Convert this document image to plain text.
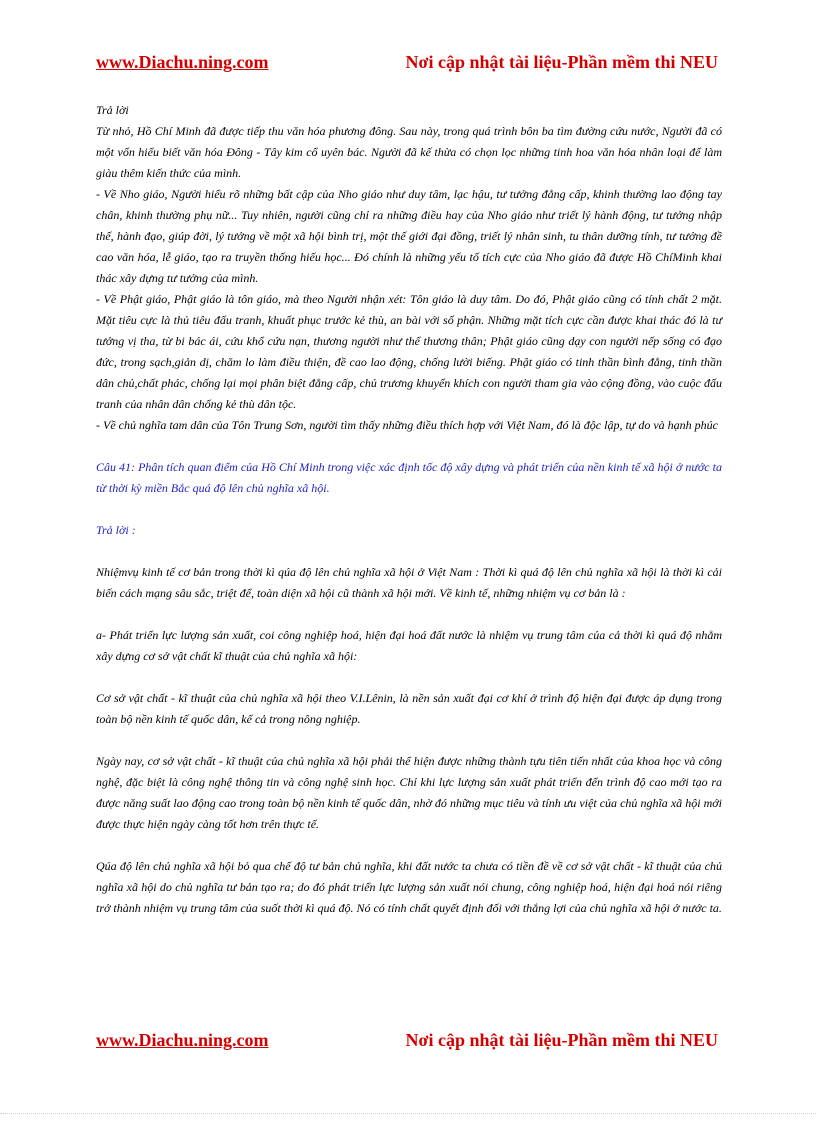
www.Diachu.ning.com	Nơi cập nhật tài liệu-Phần mềm thi NEU

Trả lời

Từ nhỏ, Hồ Chí Minh đã được tiếp thu văn hóa phương đông. Sau này, trong quá trình bôn ba tìm đường cứu nước, Người đã có một vốn hiểu biết văn hóa Đông - Tây kim cổ uyên bác. Người đã kế thừa có chọn lọc những tinh hoa văn hóa nhân loại để làm giàu thêm kiến thức của mình.

- Về Nho giáo, Người hiểu rõ những bất cập của Nho giáo như duy tâm, lạc hậu, tư tưởng đẳng cấp, khinh thường lao động tay chân, khinh thường phụ nữ... Tuy nhiên, người cũng chỉ ra những điều hay của Nho giáo như triết lý hành động, tư tưởng nhập thế, hành đạo, giúp đời, lý tưởng về một xã hội bình trị, một thế giới đại đồng, triết lý nhân sinh, tu thân dưỡng tính, tư tưởng đề cao văn hóa, lễ giáo, tạo ra truyền thống hiếu học... Đó chính là những yếu tố tích cực của Nho giáo đã được Hồ ChíMinh khai thác xây dựng tư tưởng của mình.

- Về Phật giáo, Phật giáo là tôn giáo, mà theo Người nhận xét: Tôn giáo là duy tâm. Do đó, Phật giáo cũng có tính chất 2 mặt. Mặt tiêu cực là thủ tiêu đấu tranh, khuất phục trước kẻ thù, an bài với số phận. Những mặt tích cực cần được khai thác đó là tư tưởng vị tha, từ bi bác ái, cứu khổ cứu nạn, thương người như thể thương thân; Phật giáo cũng dạy con người nếp sống có đạo đức, trong sạch,giản dị, chăm lo làm điều thiện, đề cao lao động, chống lười biếng. Phật giáo có tinh thần bình đẳng, tinh thần dân chủ,chất phác, chống lại mọi phân biệt đẳng cấp, chủ trương khuyến khích con người tham gia vào cộng đồng, vào cuộc đấu tranh của nhân dân chống kẻ thù dân tộc.

- Về chủ nghĩa tam dân của Tôn Trung Sơn, người tìm thấy những điều thích hợp với Việt Nam, đó là độc lập, tự do và hạnh phúc

Câu 41: Phân tích quan điểm của Hồ Chí Minh trong việc xác định tốc độ xây dựng và phát triển của nền kinh tế xã hội ở nước ta từ thời kỳ miền Bắc quá độ lên chủ nghĩa xã hội.

Trả lời :

Nhiệmvụ kinh tế cơ bản trong thời kì qúa độ lên chủ nghĩa xã hội ở Việt Nam : Thời kì quá độ lên chủ nghĩa xã hội là thời kì cải biến cách mạng sâu sắc, triệt để, toàn diện xã hội cũ thành xã hội mới. Về kinh tế, những nhiệm vụ cơ bản là :

a- Phát triển lực lượng sản xuất, coi công nghiệp hoá, hiện đại hoá đất nước là nhiệm vụ trung tâm của cả thời kì quá độ nhằm xây dựng cơ sở vật chất kĩ thuật của chủ nghĩa xã hội:

Cơ sở vật chất - kĩ thuật của chủ nghĩa xã hội theo V.I.Lênin, là nền sản xuất đại cơ khí ở trình độ hiện đại được áp dụng trong toàn bộ nền kinh tế quốc dân, kể cả trong nông nghiệp.

Ngày nay, cơ sở vật chất - kĩ thuật của chủ nghĩa xã hội phải thể hiện được những thành tựu tiên tiến nhất của khoa học và công nghệ, đặc biệt là công nghệ thông tin và công nghệ sinh học. Chỉ khi lực lượng sản xuất phát triển đến trình độ cao mới tạo ra được năng suất lao động cao trong toàn bộ nền kinh tế quốc dân, nhờ đó những mục tiêu và tính ưu việt của chủ nghĩa xã hội mới được thực hiện ngày càng tốt hơn trên thực tế.

Qúa độ lên chủ nghĩa xã hội bỏ qua chế độ tư bản chủ nghĩa, khi đất nước ta chưa có tiền đề về cơ sở vật chất - kĩ thuật của chủ nghĩa xã hội do chủ nghĩa tư bản tạo ra; do đó phát triển lực lượng sản xuất nói chung, công nghiệp hoá, hiện đại hoá nói riêng trở thành nhiệm vụ trung tâm của suốt thời kì quá độ. Nó có tính chất quyết định đối với thắng lợi của chủ nghĩa xã hội ở nước ta.

www.Diachu.ning.com	Nơi cập nhật tài liệu-Phần mềm thi NEU
